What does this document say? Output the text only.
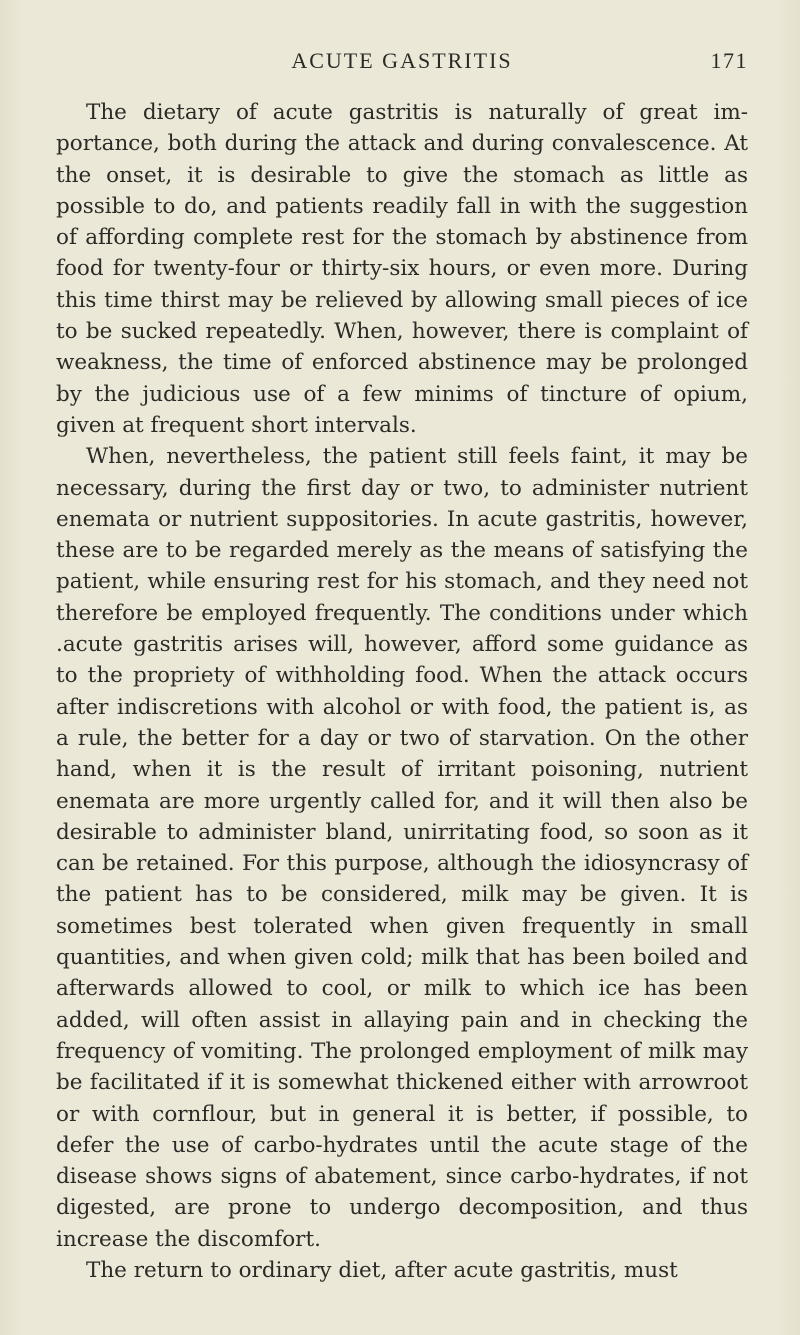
ACUTE GASTRITIS	171

The dietary of acute gastritis is naturally of great importance, both during the attack and during convalescence. At the onset, it is desirable to give the stomach as little as possible to do, and patients readily fall in with the suggestion of affording complete rest for the stomach by abstinence from food for twenty-four or thirty-six hours, or even more. During this time thirst may be relieved by allowing small pieces of ice to be sucked repeatedly. When, however, there is complaint of weakness, the time of enforced abstinence may be prolonged by the judicious use of a few minims of tincture of opium, given at frequent short intervals.

When, nevertheless, the patient still feels faint, it may be necessary, during the first day or two, to administer nutrient enemata or nutrient suppositories. In acute gastritis, however, these are to be regarded merely as the means of satisfying the patient, while ensuring rest for his stomach, and they need not therefore be employed frequently. The conditions under which .acute gastritis arises will, however, afford some guidance as to the propriety of withholding food. When the attack occurs after indiscretions with alcohol or with food, the patient is, as a rule, the better for a day or two of starvation. On the other hand, when it is the result of irritant poisoning, nutrient enemata are more urgently called for, and it will then also be desirable to administer bland, unirritating food, so soon as it can be retained. For this purpose, although the idiosyncrasy of the patient has to be considered, milk may be given. It is sometimes best tolerated when given frequently in small quantities, and when given cold; milk that has been boiled and afterwards allowed to cool, or milk to which ice has been added, will often assist in allaying pain and in checking the frequency of vomiting. The prolonged employment of milk may be facilitated if it is somewhat thickened either with arrowroot or with cornflour, but in general it is better, if possible, to defer the use of carbo-hydrates until the acute stage of the disease shows signs of abatement, since carbo-hydrates, if not digested, are prone to undergo decomposition, and thus increase the discomfort.

The return to ordinary diet, after acute gastritis, must
